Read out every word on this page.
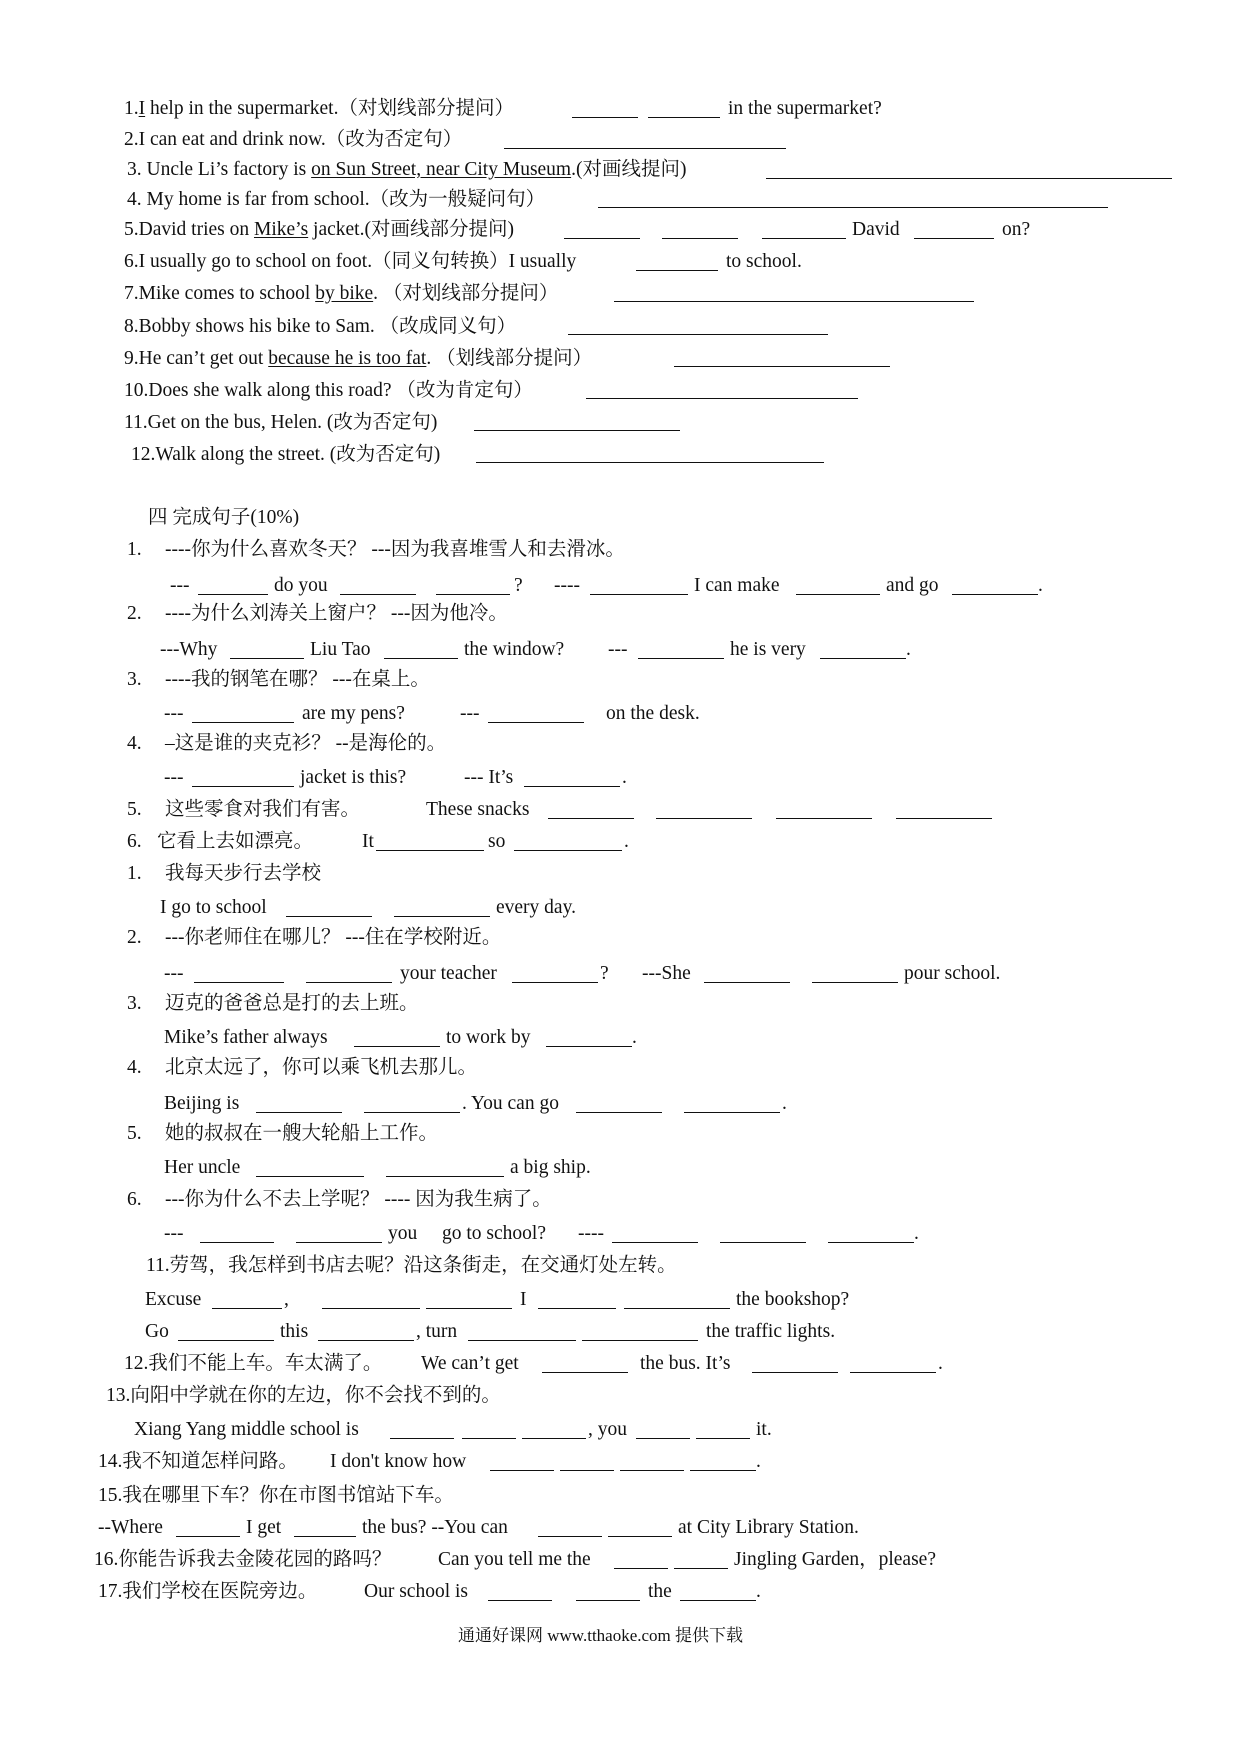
1.I help in the supermarket.（对划线部分提问）	in the supermarket?
2.I can eat and drink now.（改为否定句）
3. Uncle Li’s factory is on Sun Street, near City Museum.(对画线提问)
4. My home is far from school.（改为一般疑问句）
5.David tries on Mike’s jacket.(对画线部分提问)	David	on?
6.I usually go to school on foot.（同义句转换）I usually	to school.
7.Mike comes to school by bike. （对划线部分提问）
8.Bobby shows his bike to Sam. （改成同义句）
9.He can’t get out because he is too fat. （划线部分提问）
10.Does she walk along this road? （改为肯定句）
11.Get on the bus, Helen. (改为否定句)
12.Walk along the street. (改为否定句)
四 完成句子(10%)
1. ----你为什么喜欢冬天？ ---因为我喜堆雪人和去滑冰。
---	do you	? ----	I can make	and go	.
2. ----为什么刘涛关上窗户？ ---因为他冷。
---Why	Liu Tao	the window? ---	he is very	.
3. ----我的钢笔在哪？ ---在桌上。
---	are my pens?	---	on the desk.
4. –这是谁的夹克衫？ --是海伦的。
---	jacket is this?	--- It’s	.
5. 这些零食对我们有害。	These snacks
6. 它看上去如漂亮。	It	so	.
1. 我每天步行去学校
I go to school	every day.
2. ---你老师住在哪儿？ ---住在学校附近。
---	your teacher	? ---She	pour school.
3. 迈克的爸爸总是打的去上班。
Mike’s father always	to work by	.
4. 北京太远了，你可以乘飞机去那儿。
Beijing is	. You can go	.
5. 她的叔叔在一艘大轮船上工作。
Her uncle	a big ship.
6. ---你为什么不去上学呢？ ---- 因为我生病了。
---	you go to school? ----	.
11.劳驾，我怎样到书店去呢？沿这条街走，在交通灯处左转。
Excuse	,	I	the bookshop?
Go	this	, turn	the traffic lights.
12.我们不能上车。车太满了。 We can’t get	the bus. It’s	.
13.向阳中学就在你的左边，你不会找不到的。
Xiang Yang middle school is	, you	it.
14.我不知道怎样问路。 I don't know how	.
15.我在哪里下车？你在市图书馆站下车。
--Where	I get	the bus? --You can	at City Library Station.
16.你能告诉我去金陵花园的路吗？ Can you tell me the	Jingling Garden，please?
17.我们学校在医院旁边。 Our school is	the	.
通通好课网 www.tthaoke.com 提供下载
